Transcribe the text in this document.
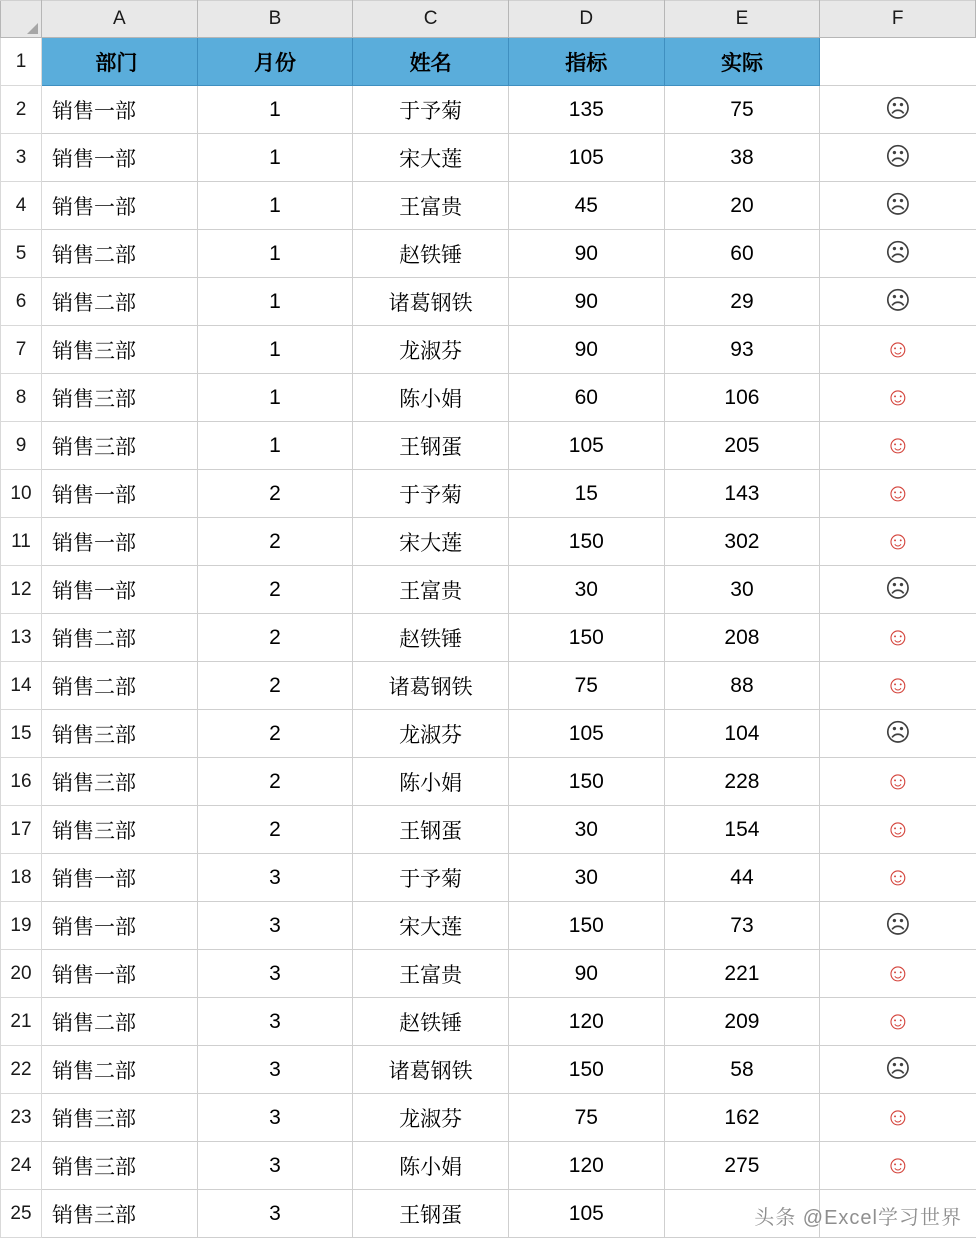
	A	B	C	D	E	F
1	部门	月份	姓名	指标	实际	
2	销售一部	1	于予菊	135	75	☹
3	销售一部	1	宋大莲	105	38	☹
4	销售一部	1	王富贵	45	20	☹
5	销售二部	1	赵铁锤	90	60	☹
6	销售二部	1	诸葛钢铁	90	29	☹
7	销售三部	1	龙淑芬	90	93	☺
8	销售三部	1	陈小娟	60	106	☺
9	销售三部	1	王钢蛋	105	205	☺
10	销售一部	2	于予菊	15	143	☺
11	销售一部	2	宋大莲	150	302	☺
12	销售一部	2	王富贵	30	30	☹
13	销售二部	2	赵铁锤	150	208	☺
14	销售二部	2	诸葛钢铁	75	88	☺
15	销售三部	2	龙淑芬	105	104	☹
16	销售三部	2	陈小娟	150	228	☺
17	销售三部	2	王钢蛋	30	154	☺
18	销售一部	3	于予菊	30	44	☺
19	销售一部	3	宋大莲	150	73	☹
20	销售一部	3	王富贵	90	221	☺
21	销售二部	3	赵铁锤	120	209	☺
22	销售二部	3	诸葛钢铁	150	58	☹
23	销售三部	3	龙淑芬	75	162	☺
24	销售三部	3	陈小娟	120	275	☺
25	销售三部	3	王钢蛋	105			头条 @Excel学习世界
